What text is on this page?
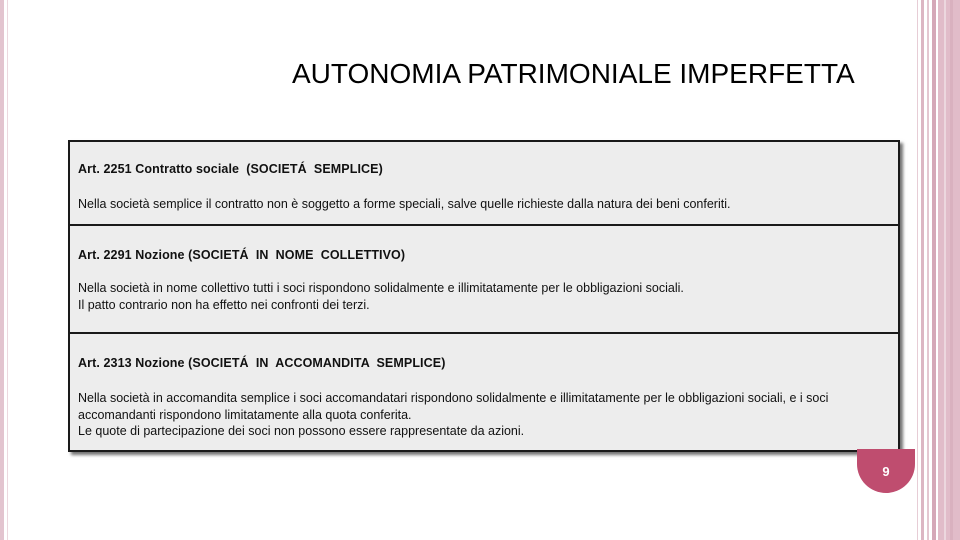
AUTONOMIA PATRIMONIALE IMPERFETTA
Art. 2251 Contratto sociale  (SOCIETÁ  SEMPLICE)
Nella società semplice il contratto non è soggetto a forme speciali, salve quelle richieste dalla natura dei beni conferiti.
Art. 2291 Nozione (SOCIETÁ  IN  NOME  COLLETTIVO)
Nella società in nome collettivo tutti i soci rispondono solidalmente e illimitatamente per le obbligazioni sociali.
Il patto contrario non ha effetto nei confronti dei terzi.
Art. 2313 Nozione (SOCIETÁ  IN  ACCOMANDITA  SEMPLICE)
Nella società in accomandita semplice i soci accomandatari rispondono solidalmente e illimitatamente per le obbligazioni sociali, e i soci accomandanti rispondono limitatamente alla quota conferita.
Le quote di partecipazione dei soci non possono essere rappresentate da azioni.
9
